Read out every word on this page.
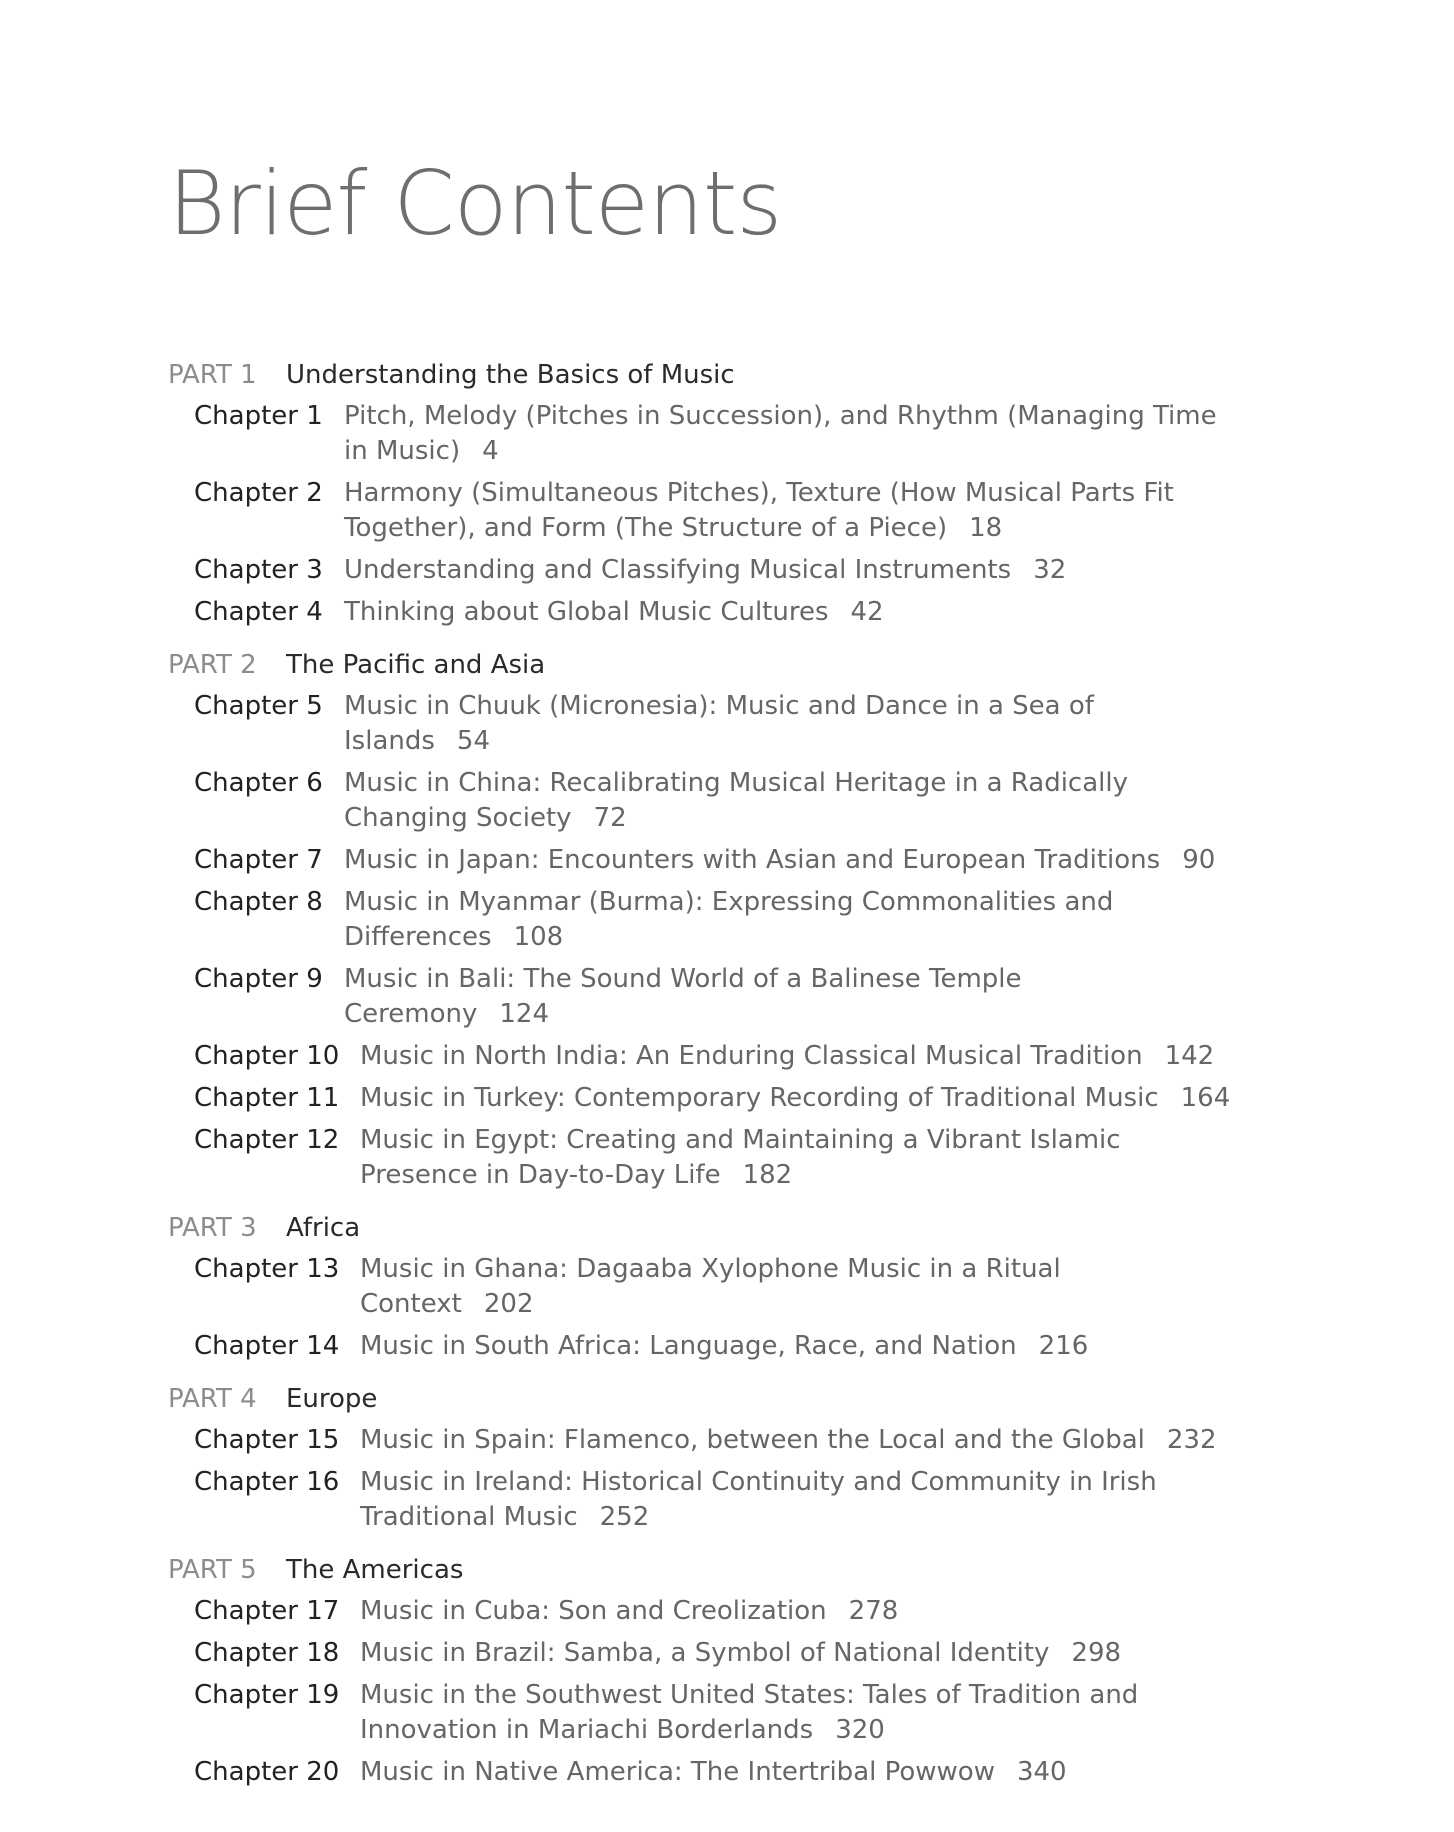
Brief Contents
PART 1	Understanding the Basics of Music
Chapter 1 Pitch, Melody (Pitches in Succession), and Rhythm (Managing Time in Music) 4
Chapter 2 Harmony (Simultaneous Pitches), Texture (How Musical Parts Fit Together), and Form (The Structure of a Piece) 18
Chapter 3 Understanding and Classifying Musical Instruments 32
Chapter 4 Thinking about Global Music Cultures 42
PART 2	The Pacific and Asia
Chapter 5 Music in Chuuk (Micronesia): Music and Dance in a Sea of Islands 54
Chapter 6 Music in China: Recalibrating Musical Heritage in a Radically Changing Society 72
Chapter 7 Music in Japan: Encounters with Asian and European Traditions 90
Chapter 8 Music in Myanmar (Burma): Expressing Commonalities and Differences 108
Chapter 9 Music in Bali: The Sound World of a Balinese Temple Ceremony 124
Chapter 10 Music in North India: An Enduring Classical Musical Tradition 142
Chapter 11 Music in Turkey: Contemporary Recording of Traditional Music 164
Chapter 12 Music in Egypt: Creating and Maintaining a Vibrant Islamic Presence in Day-to-Day Life 182
PART 3	Africa
Chapter 13 Music in Ghana: Dagaaba Xylophone Music in a Ritual Context 202
Chapter 14 Music in South Africa: Language, Race, and Nation 216
PART 4	Europe
Chapter 15 Music in Spain: Flamenco, between the Local and the Global 232
Chapter 16 Music in Ireland: Historical Continuity and Community in Irish Traditional Music 252
PART 5	The Americas
Chapter 17 Music in Cuba: Son and Creolization 278
Chapter 18 Music in Brazil: Samba, a Symbol of National Identity 298
Chapter 19 Music in the Southwest United States: Tales of Tradition and Innovation in Mariachi Borderlands 320
Chapter 20 Music in Native America: The Intertribal Powwow 340
